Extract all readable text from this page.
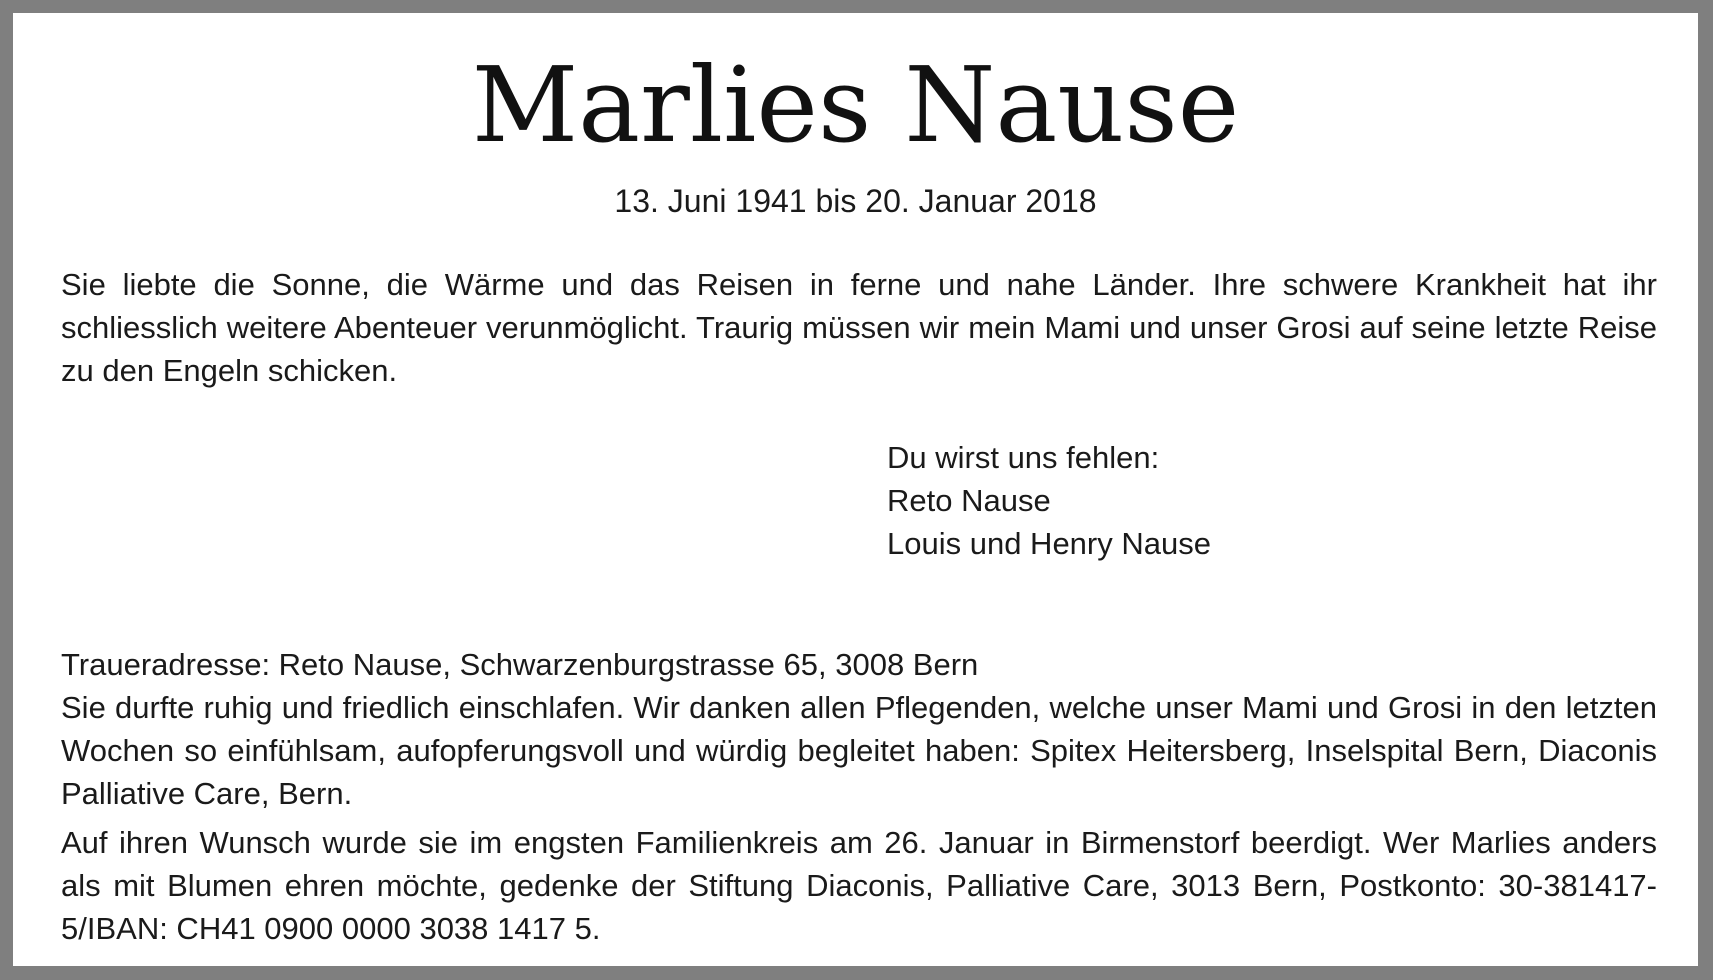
Marlies Nause
13. Juni 1941 bis 20. Januar 2018

Sie liebte die Sonne, die Wärme und das Reisen in ferne und nahe Länder. Ihre schwere Krankheit hat ihr schliesslich weitere Abenteuer verunmöglicht. Traurig müssen wir mein Mami und unser Grosi auf seine letzte Reise zu den Engeln schicken.

Du wirst uns fehlen:
Reto Nause
Louis und Henry Nause

Traueradresse: Reto Nause, Schwarzenburgstrasse 65, 3008 Bern

Sie durfte ruhig und friedlich einschlafen. Wir danken allen Pflegenden, welche unser Mami und Grosi in den letzten Wochen so einfühlsam, aufopferungsvoll und würdig begleitet haben: Spitex Heitersberg, Inselspital Bern, Diaconis Palliative Care, Bern.

Auf ihren Wunsch wurde sie im engsten Familienkreis am 26. Januar in Birmenstorf beerdigt. Wer Marlies anders als mit Blumen ehren möchte, gedenke der Stiftung Diaconis, Palliative Care, 3013 Bern, Postkonto: 30-381417-5/IBAN: CH41 0900 0000 3038 1417 5.
